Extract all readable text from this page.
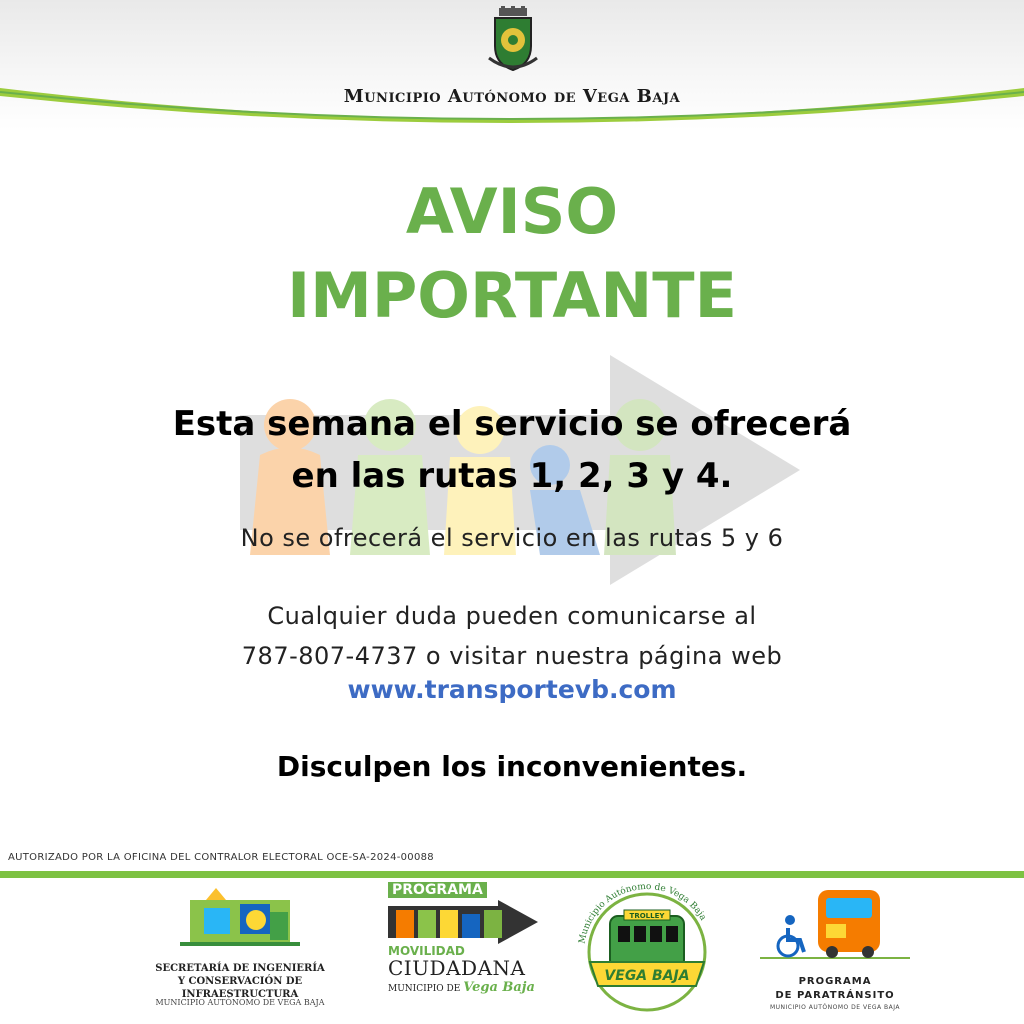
Municipio Autónomo de Vega Baja
AVISO
IMPORTANTE
Esta semana el servicio se ofrecerá
en las rutas 1, 2, 3 y 4.
No se ofrecerá el servicio en las rutas 5 y 6
Cualquier duda pueden comunicarse al
787-807-4737 o visitar nuestra página web
www.transportevb.com
Disculpen los inconvenientes.
AUTORIZADO POR LA OFICINA DEL CONTRALOR ELECTORAL OCE-SA-2024-00088
SECRETARÍA DE INGENIERÍA
Y CONSERVACIÓN DE INFRAESTRUCTURA
MUNICIPIO AUTÓNOMO DE VEGA BAJA
PROGRAMA
MOVILIDAD
CIUDADANA
MUNICIPIO DE Vega Baja
Municipio Autónomo de Vega Baja
TROLLEY
VEGA BAJA	PROGRAMA
DE PARATRÁNSITO
MUNICIPIO AUTÓNOMO DE VEGA BAJA
